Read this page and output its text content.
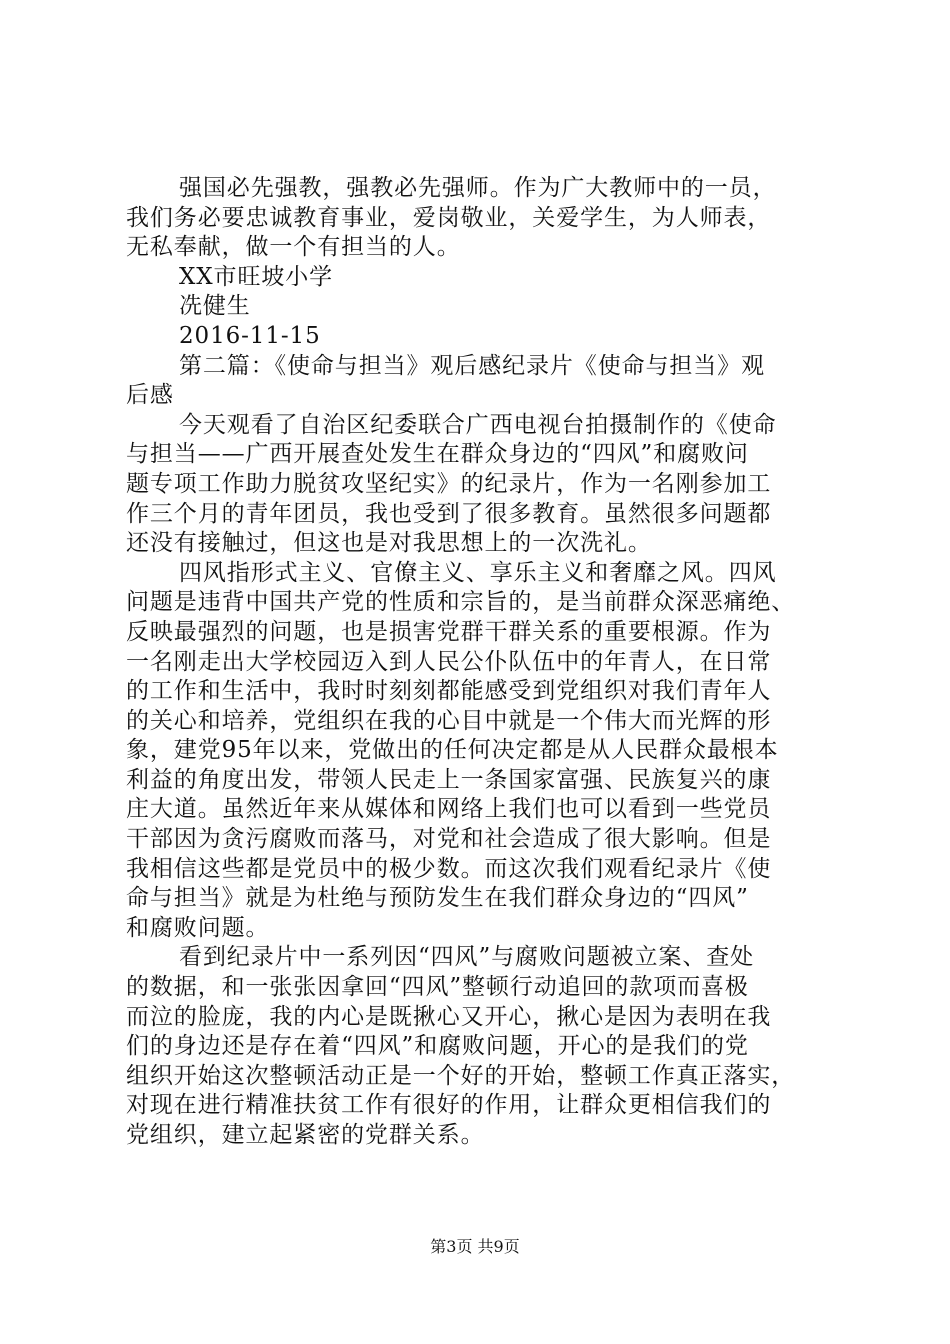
强国必先强教，强教必先强师。作为广大教师中的一员，
我们务必要忠诚教育事业，爱岗敬业，关爱学生，为人师表，
无私奉献，做一个有担当的人。
XX市旺坡小学
冼健生
2016-11-15
第二篇：《使命与担当》观后感纪录片《使命与担当》观
后感
今天观看了自治区纪委联合广西电视台拍摄制作的《使命
与担当——广西开展查处发生在群众身边的“四风”和腐败问
题专项工作助力脱贫攻坚纪实》的纪录片，作为一名刚参加工
作三个月的青年团员，我也受到了很多教育。虽然很多问题都
还没有接触过，但这也是对我思想上的一次洗礼。
四风指形式主义、官僚主义、享乐主义和奢靡之风。四风
问题是违背中国共产党的性质和宗旨的，是当前群众深恶痛绝、
反映最强烈的问题，也是损害党群干群关系的重要根源。作为
一名刚走出大学校园迈入到人民公仆队伍中的年青人，在日常
的工作和生活中，我时时刻刻都能感受到党组织对我们青年人
的关心和培养，党组织在我的心目中就是一个伟大而光辉的形
象，建党95年以来，党做出的任何决定都是从人民群众最根本
利益的角度出发，带领人民走上一条国家富强、民族复兴的康
庄大道。虽然近年来从媒体和网络上我们也可以看到一些党员
干部因为贪污腐败而落马，对党和社会造成了很大影响。但是
我相信这些都是党员中的极少数。而这次我们观看纪录片《使
命与担当》就是为杜绝与预防发生在我们群众身边的“四风”
和腐败问题。
看到纪录片中一系列因“四风”与腐败问题被立案、查处
的数据，和一张张因拿回“四风”整顿行动追回的款项而喜极
而泣的脸庞，我的内心是既揪心又开心，揪心是因为表明在我
们的身边还是存在着“四风”和腐败问题，开心的是我们的党
组织开始这次整顿活动正是一个好的开始，整顿工作真正落实，
对现在进行精准扶贫工作有很好的作用，让群众更相信我们的
党组织，建立起紧密的党群关系。
第3页 共9页
